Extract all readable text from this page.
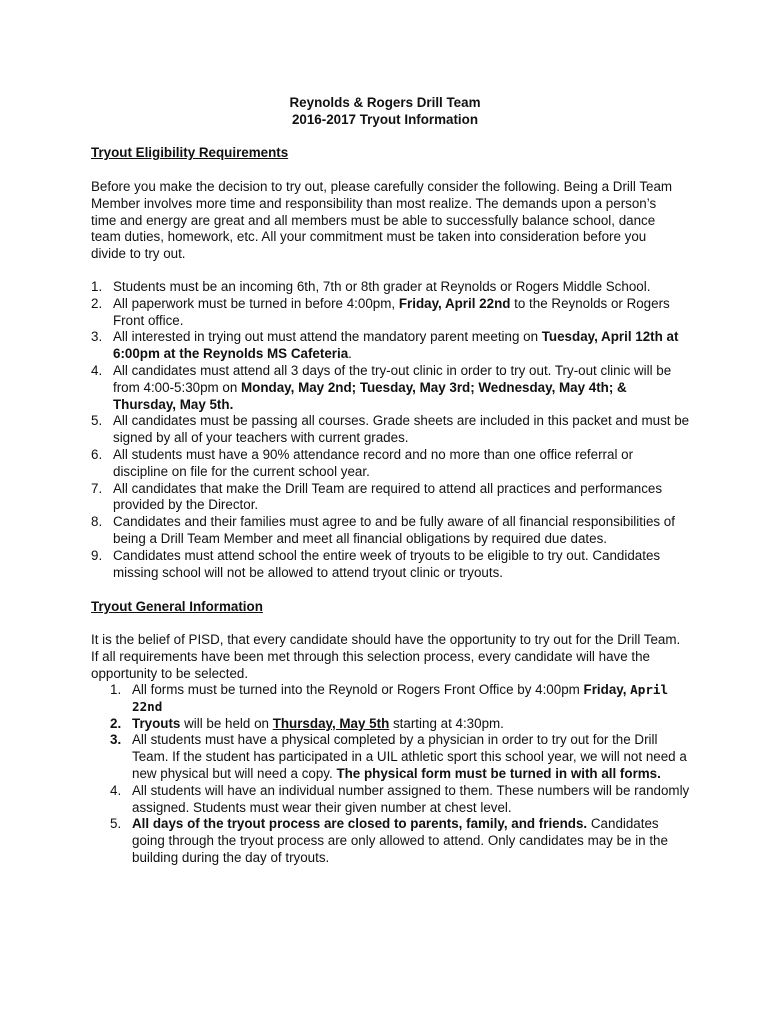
Reynolds & Rogers Drill Team
2016-2017 Tryout Information
Tryout Eligibility Requirements

Before you make the decision to try out, please carefully consider the following. Being a Drill Team Member involves more time and responsibility than most realize. The demands upon a person’s time and energy are great and all members must be able to successfully balance school, dance team duties, homework, etc. All your commitment must be taken into consideration before you divide to try out.

1. Students must be an incoming 6th, 7th or 8th grader at Reynolds or Rogers Middle School.
2. All paperwork must be turned in before 4:00pm, Friday, April 22nd to the Reynolds or Rogers Front office.
3. All interested in trying out must attend the mandatory parent meeting on Tuesday, April 12th at 6:00pm at the Reynolds MS Cafeteria.
4. All candidates must attend all 3 days of the try-out clinic in order to try out. Try-out clinic will be from 4:00-5:30pm on Monday, May 2nd; Tuesday, May 3rd; Wednesday, May 4th; & Thursday, May 5th.
5. All candidates must be passing all courses. Grade sheets are included in this packet and must be signed by all of your teachers with current grades.
6. All students must have a 90% attendance record and no more than one office referral or discipline on file for the current school year.
7. All candidates that make the Drill Team are required to attend all practices and performances provided by the Director.
8. Candidates and their families must agree to and be fully aware of all financial responsibilities of being a Drill Team Member and meet all financial obligations by required due dates.
9. Candidates must attend school the entire week of tryouts to be eligible to try out. Candidates missing school will not be allowed to attend tryout clinic or tryouts.
Tryout General Information

It is the belief of PISD, that every candidate should have the opportunity to try out for the Drill Team. If all requirements have been met through this selection process, every candidate will have the opportunity to be selected.

1. All forms must be turned into the Reynold or Rogers Front Office by 4:00pm Friday, April 22nd
2. Tryouts will be held on Thursday, May 5th starting at 4:30pm.
3. All students must have a physical completed by a physician in order to try out for the Drill Team. If the student has participated in a UIL athletic sport this school year, we will not need a new physical but will need a copy. The physical form must be turned in with all forms.
4. All students will have an individual number assigned to them. These numbers will be randomly assigned. Students must wear their given number at chest level.
5. All days of the tryout process are closed to parents, family, and friends. Candidates going through the tryout process are only allowed to attend. Only candidates may be in the building during the day of tryouts.
